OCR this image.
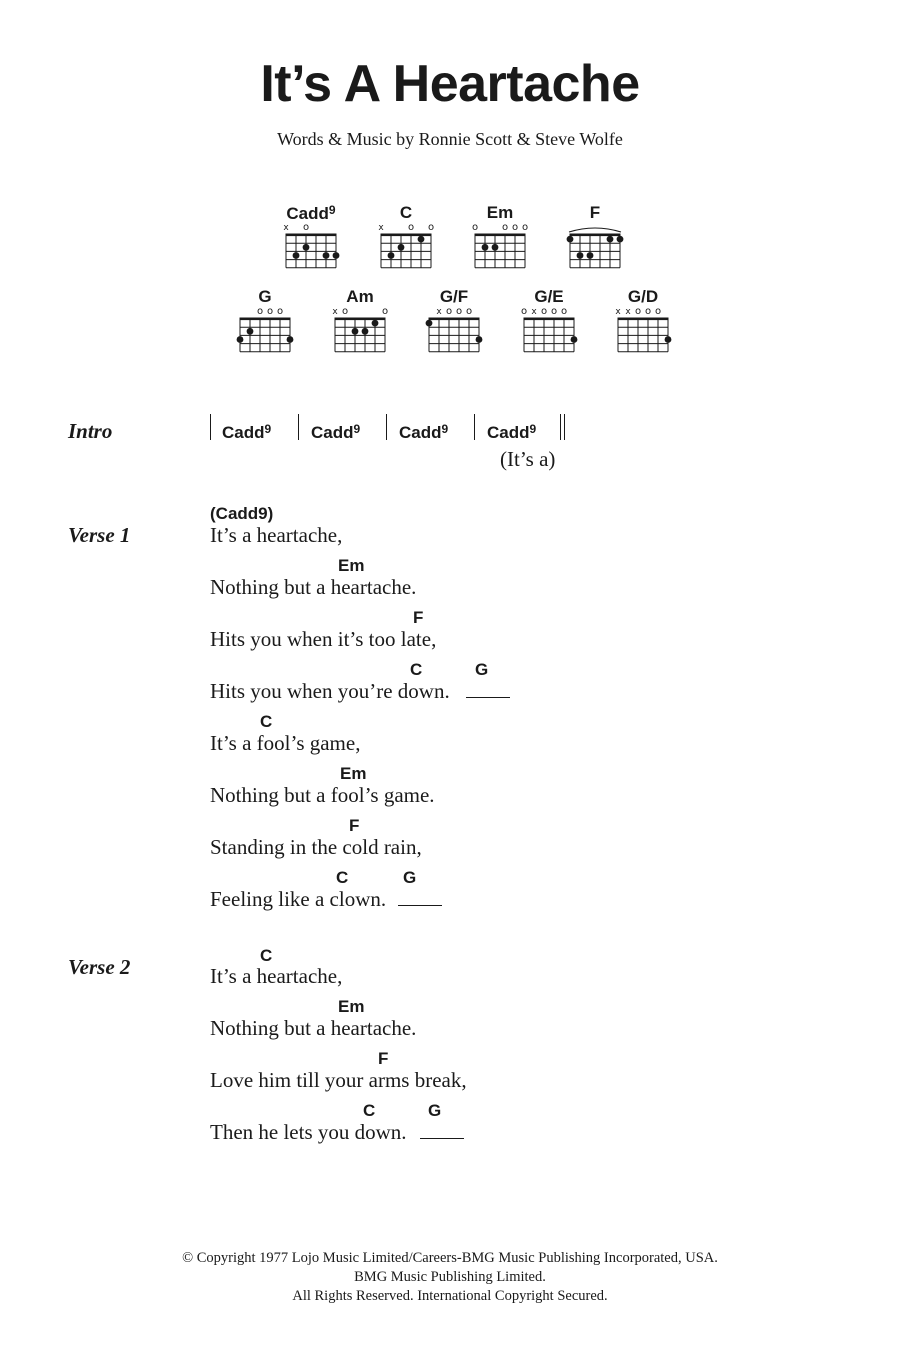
It’s A Heartache
Words & Music by Ronnie Scott & Steve Wolfe
Cadd$^9$
x o
C
x o o
Em
o o o o
F
G
o o o
Am
x o	o
G/F
x o o o
G/E
o x o o o
G/D
x x o o o
Intro	Cadd$^9$ Cadd$^9$ Cadd$^9$ Cadd$^9$
(It’s a)
Verse 1
(Cadd9)
It’s a heartache,
Em
Nothing but a heartache.
F
Hits you when it’s too late,
C	G
Hits you when you’re down.
C
It’s a fool’s game,
Em
Nothing but a fool’s game.
F
Standing in the cold rain,
C	G
Feeling like a clown.
Verse 2	C
It’s a heartache,
Em
Nothing but a heartache.
F
Love him till your arms break,
C	G
Then he lets you down.
© Copyright 1977 Lojo Music Limited/Careers-BMG Music Publishing Incorporated, USA.
BMG Music Publishing Limited.
All Rights Reserved. International Copyright Secured.
